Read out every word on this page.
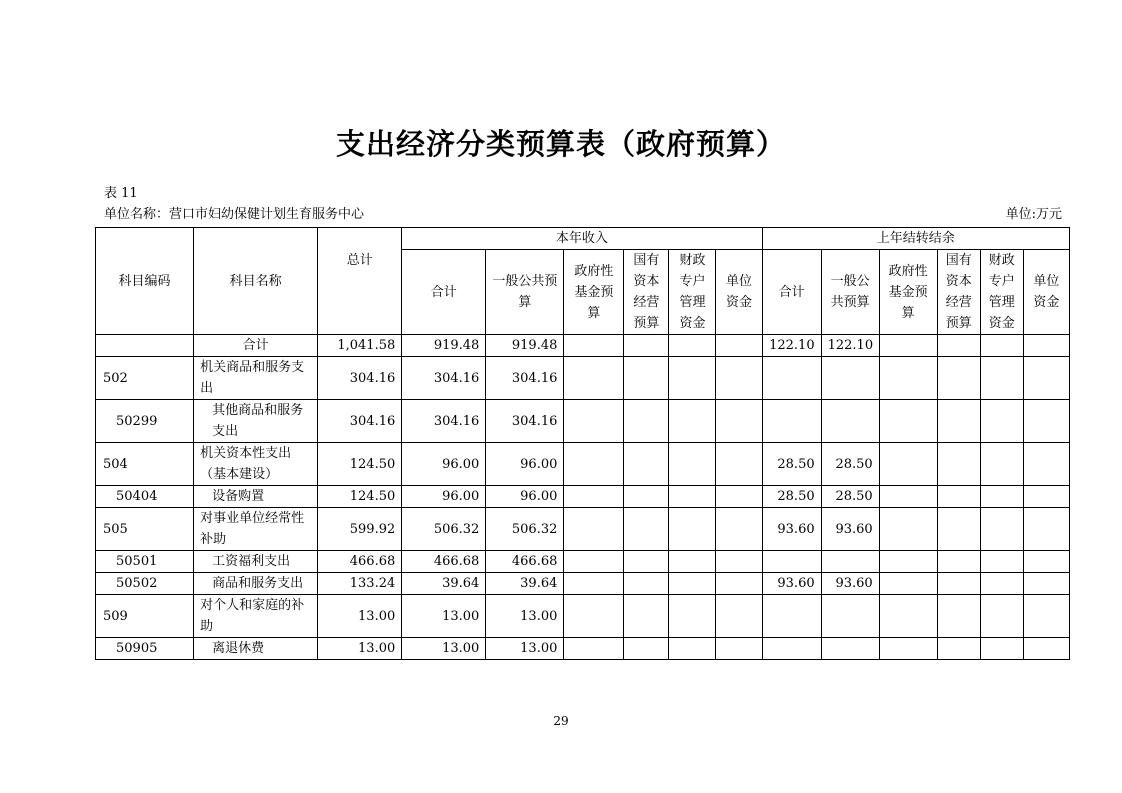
支出经济分类预算表（政府预算）
表 11
单位名称：营口市妇幼保健计划生育服务中心	单位:万元
科目编码	科目名称	总计	本年收入						上年结转结余					
			合计	一般公共预算	政府性基金预算	国有资本经营预算	财政专户管理资金	单位资金	合计	一般公共预算	政府性基金预算	国有资本经营预算	财政专户管理资金	单位资金
	合计	1,041.58	919.48	919.48					122.10	122.10				
502	机关商品和服务支出	304.16	304.16	304.16										
50299	其他商品和服务支出	304.16	304.16	304.16										
504	机关资本性支出（基本建设）	124.50	96.00	96.00					28.50	28.50				
50404	设备购置	124.50	96.00	96.00					28.50	28.50				
505	对事业单位经常性补助	599.92	506.32	506.32					93.60	93.60				
50501	工资福利支出	466.68	466.68	466.68										
50502	商品和服务支出	133.24	39.64	39.64					93.60	93.60				
509	对个人和家庭的补助	13.00	13.00	13.00										
50905	离退休费	13.00	13.00	13.00										
29
